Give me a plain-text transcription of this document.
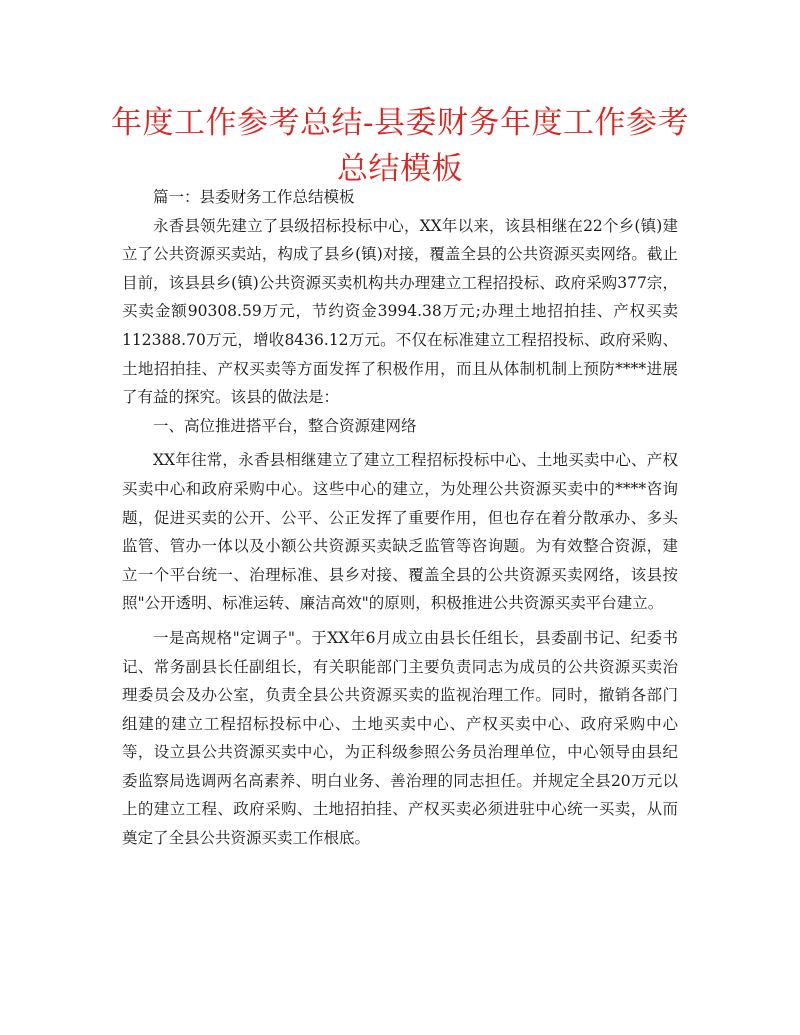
年度工作参考总结-县委财务年度工作参考总结模板

篇一：县委财务工作总结模板

永香县领先建立了县级招标投标中心，XX年以来，该县相继在22个乡(镇)建立了公共资源买卖站，构成了县乡(镇)对接，覆盖全县的公共资源买卖网络。截止目前，该县县乡(镇)公共资源买卖机构共办理建立工程招投标、政府采购377宗，买卖金额90308.59万元，节约资金3994.38万元;办理土地招拍挂、产权买卖112388.70万元，增收8436.12万元。不仅在标准建立工程招投标、政府采购、土地招拍挂、产权买卖等方面发挥了积极作用，而且从体制机制上预防****进展了有益的探究。该县的做法是：

一、高位推进搭平台，整合资源建网络

XX年往常，永香县相继建立了建立工程招标投标中心、土地买卖中心、产权买卖中心和政府采购中心。这些中心的建立，为处理公共资源买卖中的****咨询题，促进买卖的公开、公平、公正发挥了重要作用，但也存在着分散承办、多头监管、管办一体以及小额公共资源买卖缺乏监管等咨询题。为有效整合资源，建立一个平台统一、治理标准、县乡对接、覆盖全县的公共资源买卖网络，该县按照"公开透明、标准运转、廉洁高效"的原则，积极推进公共资源买卖平台建立。

一是高规格"定调子"。于XX年6月成立由县长任组长，县委副书记、纪委书记、常务副县长任副组长，有关职能部门主要负责同志为成员的公共资源买卖治理委员会及办公室，负责全县公共资源买卖的监视治理工作。同时，撤销各部门组建的建立工程招标投标中心、土地买卖中心、产权买卖中心、政府采购中心等，设立县公共资源买卖中心，为正科级参照公务员治理单位，中心领导由县纪委监察局选调两名高素养、明白业务、善治理的同志担任。并规定全县20万元以上的建立工程、政府采购、土地招拍挂、产权买卖必须进驻中心统一买卖，从而奠定了全县公共资源买卖工作根底。
